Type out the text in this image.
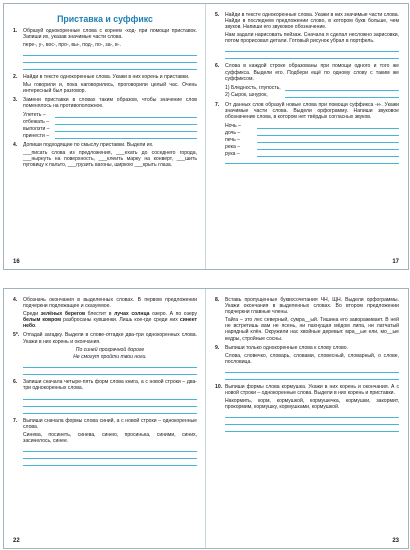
Приставка и суффикс
1.	Образуй однокоренные слова с корнем -ход- при помощи приставок. Запиши их, указав значимые части слова.
пере-, у-, вос-, про-, вы-, под-, по-, за-, в-.
2.	Найди в тексте однокоренные слова. Укажи в них корень и приставки.
Мы говорили и, пока наговорились, проговорили целый час. Очень интересный был разговор.
3.	Замени приставки в словах таким образом, чтобы значение слов поменялось на противоположное.
Улететь –
отбежать –
выползти –
принести –
4.	Допиши подходящие по смыслу приставки. Выдели их.
___писать слова из предложения, ___ехать до соседнего города, ___нырнуть на поверхность, ___клеить марку на конверт, ___шить пуговицу к пальто, ___грузить вагоны, ширкою ___крыть глаза.
16
5.	Найди в тексте однокоренные слова. Укажи в них значимые части слова. Найди в последнем предложении слово, в котором букв больше, чем звуков. Напиши его звуковое обозначение.
Нам задали нарисовать пейзаж. Сначала я сделал несложно зарисовки, потом прорисовал детали. Готовый рисунок убрал в портфель.
6.	Слова в каждой строке образованы при помощи одного и того же суффикса. Выдели его. Подбери ещё по одному слову с таким же суффиксом.
1) Бледность, глупость,
2) Сырок, шнурок,
7.	От данных слов образуй новые слова при помощи суффикса -н-. Укажи значимые части слова. Выдели орфограмму. Напиши звуковое обозначение слова, в котором нет твёрдых согласных звуков.
Ночь –
дочь –
печь –
река –
рука –
17
4.	Обозначь окончания в выделенных словах. В первом предложении подчеркни подлежащее и сказуемое.
Среди зелёных берегов блестит в лучах солнца озеро. А по озеру белым ковром разбросаны кувшинки. Лишь кое-где среди них синеет небо.
5*. Отгадай загадку. Выдели в слове-отгадке два-три однокоренных слова. Укажи в них корень и окончания.
По синей прозрачной дороге
Не смогут пройти твои ноги.
6.	Запиши сначала четыре-пять форм слова книга, а с новой строки – два-три однокоренных слова.
7.	Выпиши сначала формы слова синий, а с новой строки – однокоренные слова.
Синева, посинеть, синева, синею, просинька, синими, синих, засинелось, синее.
22
8.	Вставь пропущенные буквосочетания ЧН, ЩН. Выдели орфограммы. Укажи окончания в выделенных словах. Во втором предложении подчеркни главные члены.
Тайга – это лес северный, сумра__ый. Тишина его завораживает. В ней не встретишь вам не ясень, ни пахнущая мёдом липа, ни латчатый нарядный клён. Окружили нас хвойные деревья: мра__ые ели, мо__ые кедры, стройные сосны.
9.	Выпиши только однокоренные слова к слову слово.
Слова, словечко, словарь, словами, словесный, словарный, о слове, пословица.
10. Выпиши формы слова кормушка. Укажи в них корень и окончания. А с новой строки – однокоренные слова. Выдели в них корень и приставки.
Накормить, корм, кормушкой, кормушечка, кормушки, закормит, прокормим, кормушку, кормушками, кормушкой.
23
